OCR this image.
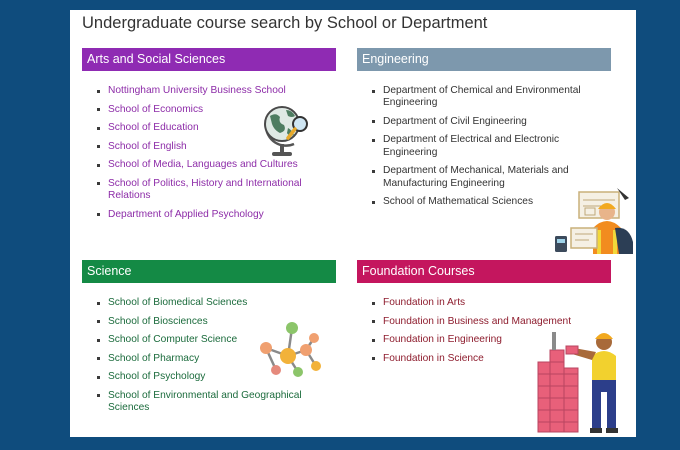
Undergraduate course search by School or Department
Arts and Social Sciences
Nottingham University Business School
School of Economics
School of Education
School of English
School of Media, Languages and Cultures
School of Politics, History and International Relations
Department of Applied Psychology
Engineering
Department of Chemical and Environmental Engineering
Department of Civil Engineering
Department of Electrical and Electronic Engineering
Department of Mechanical, Materials and Manufacturing Engineering
School of Mathematical Sciences
Science
School of Biomedical Sciences
School of Biosciences
School of Computer Science
School of Pharmacy
School of Psychology
School of Environmental and Geographical Sciences
Foundation Courses
Foundation in Arts
Foundation in Business and Management
Foundation in Engineering
Foundation in Science
